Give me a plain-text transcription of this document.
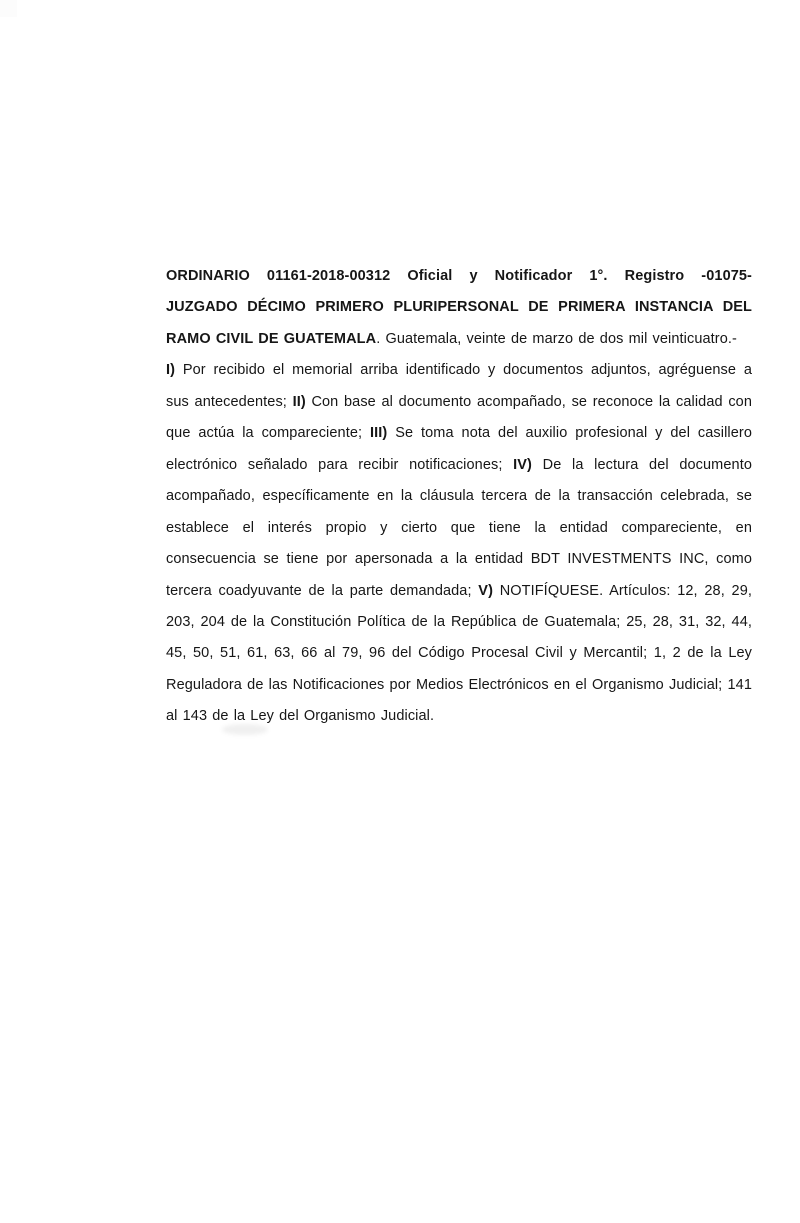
ORDINARIO 01161-2018-00312 Oficial y Notificador 1°. Registro -01075-
JUZGADO DÉCIMO PRIMERO PLURIPERSONAL DE PRIMERA INSTANCIA DEL
RAMO CIVIL DE GUATEMALA. Guatemala, veinte de marzo de dos mil veinticuatro.-
I) Por recibido el memorial arriba identificado y documentos adjuntos, agréguense a
sus antecedentes; II) Con base al documento acompañado, se reconoce la calidad con
que actúa la compareciente; III) Se toma nota del auxilio profesional y del casillero
electrónico señalado para recibir notificaciones; IV) De la lectura del documento
acompañado, específicamente en la cláusula tercera de la transacción celebrada, se
establece el interés propio y cierto que tiene la entidad compareciente, en
consecuencia se tiene por apersonada a la entidad BDT INVESTMENTS INC, como
tercera coadyuvante de la parte demandada; V) NOTIFÍQUESE. Artículos: 12, 28, 29,
203, 204 de la Constitución Política de la República de Guatemala; 25, 28, 31, 32, 44,
45, 50, 51, 61, 63, 66 al 79, 96 del Código Procesal Civil y Mercantil; 1, 2 de la Ley
Reguladora de las Notificaciones por Medios Electrónicos en el Organismo Judicial; 141
al 143 de la Ley del Organismo Judicial.
